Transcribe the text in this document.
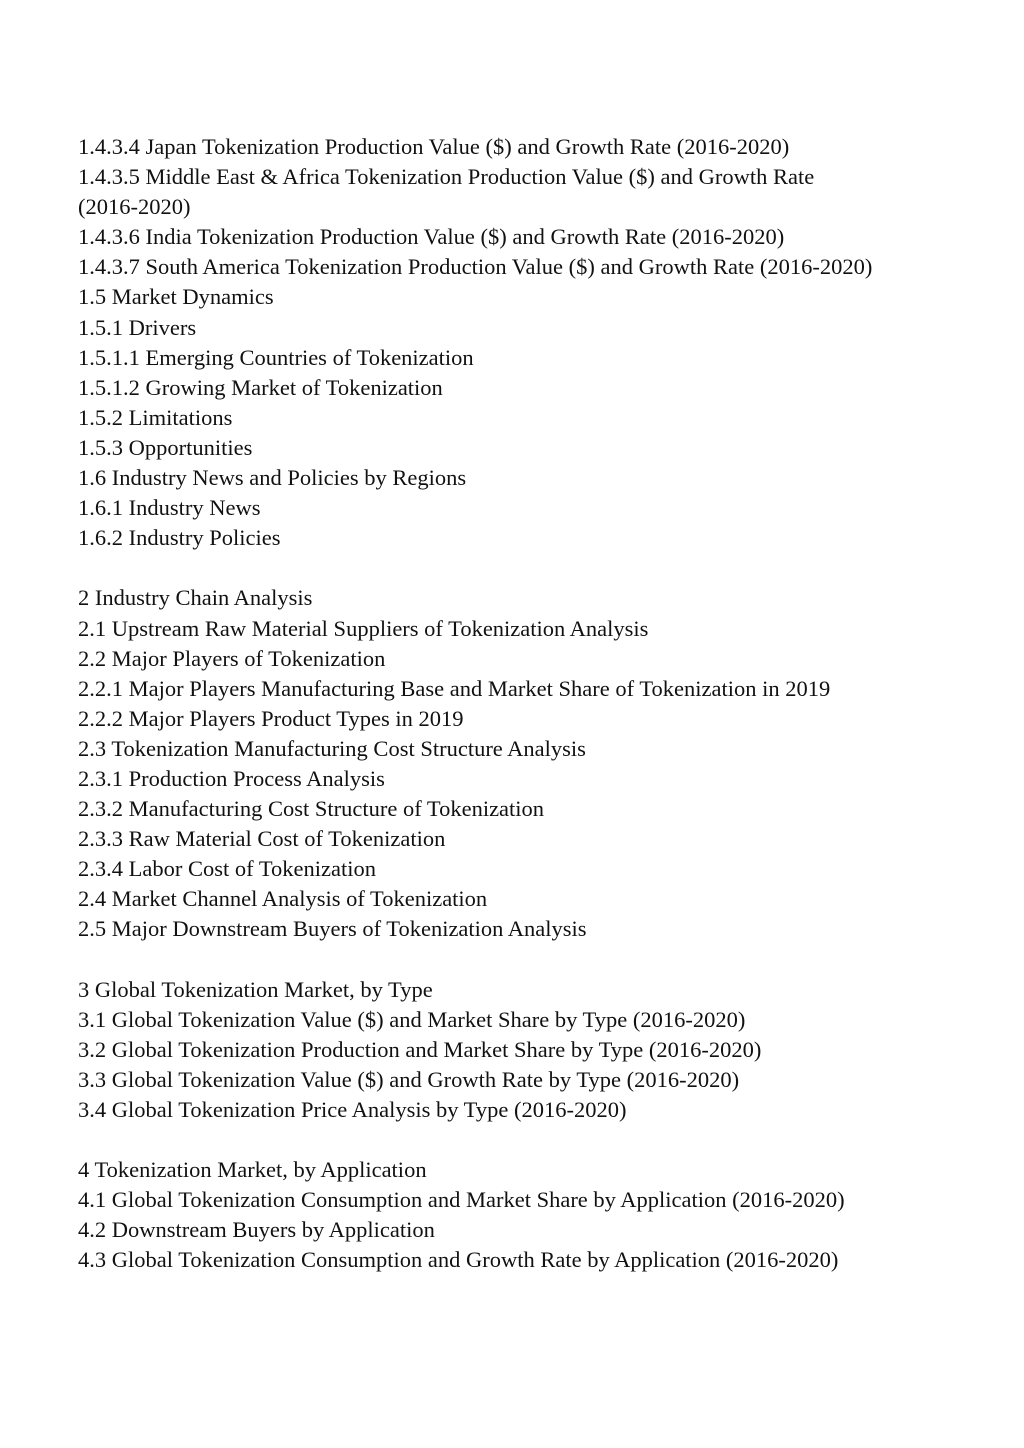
1.4.3.4 Japan Tokenization Production Value ($) and Growth Rate (2016-2020)
1.4.3.5 Middle East & Africa Tokenization Production Value ($) and Growth Rate
(2016-2020)
1.4.3.6 India Tokenization Production Value ($) and Growth Rate (2016-2020)
1.4.3.7 South America Tokenization Production Value ($) and Growth Rate (2016-2020)
1.5 Market Dynamics
1.5.1 Drivers
1.5.1.1 Emerging Countries of Tokenization
1.5.1.2 Growing Market of Tokenization
1.5.2 Limitations
1.5.3 Opportunities
1.6 Industry News and Policies by Regions
1.6.1 Industry News
1.6.2 Industry Policies
2 Industry Chain Analysis
2.1 Upstream Raw Material Suppliers of Tokenization Analysis
2.2 Major Players of Tokenization
2.2.1 Major Players Manufacturing Base and Market Share of Tokenization in 2019
2.2.2 Major Players Product Types in 2019
2.3 Tokenization Manufacturing Cost Structure Analysis
2.3.1 Production Process Analysis
2.3.2 Manufacturing Cost Structure of Tokenization
2.3.3 Raw Material Cost of Tokenization
2.3.4 Labor Cost of Tokenization
2.4 Market Channel Analysis of Tokenization
2.5 Major Downstream Buyers of Tokenization Analysis
3 Global Tokenization Market, by Type
3.1 Global Tokenization Value ($) and Market Share by Type (2016-2020)
3.2 Global Tokenization Production and Market Share by Type (2016-2020)
3.3 Global Tokenization Value ($) and Growth Rate by Type (2016-2020)
3.4 Global Tokenization Price Analysis by Type (2016-2020)
4 Tokenization Market, by Application
4.1 Global Tokenization Consumption and Market Share by Application (2016-2020)
4.2 Downstream Buyers by Application
4.3 Global Tokenization Consumption and Growth Rate by Application (2016-2020)
